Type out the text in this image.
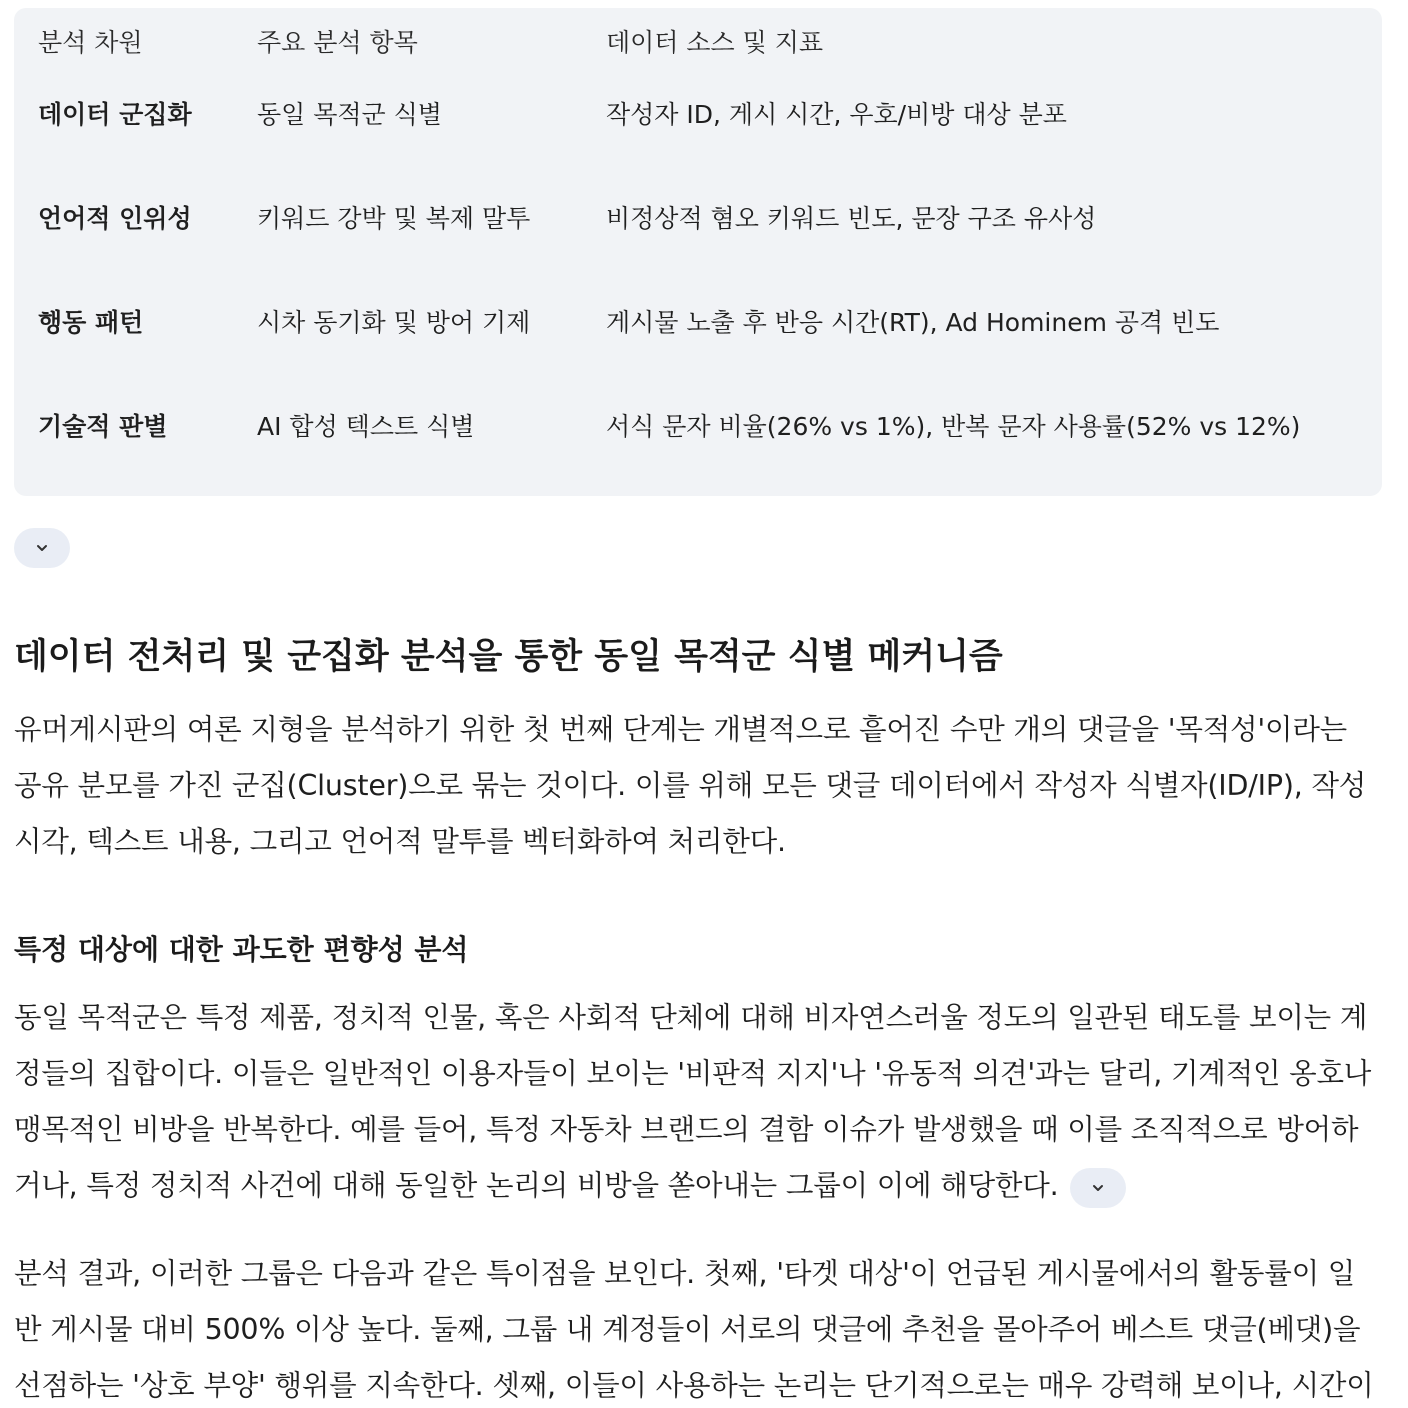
분석 차원	주요 분석 항목	데이터 소스 및 지표
데이터 군집화	동일 목적군 식별	작성자 ID, 게시 시간, 우호/비방 대상 분포
언어적 인위성	키워드 강박 및 복제 말투	비정상적 혐오 키워드 빈도, 문장 구조 유사성
행동 패턴	시차 동기화 및 방어 기제	게시물 노출 후 반응 시간(RT), Ad Hominem 공격 빈도
기술적 판별	AI 합성 텍스트 식별	서식 문자 비율(26% vs 1%), 반복 문자 사용률(52% vs 12%)
데이터 전처리 및 군집화 분석을 통한 동일 목적군 식별 메커니즘
유머게시판의 여론 지형을 분석하기 위한 첫 번째 단계는 개별적으로 흩어진 수만 개의 댓글을 '목적성'이라는
공유 분모를 가진 군집(Cluster)으로 묶는 것이다. 이를 위해 모든 댓글 데이터에서 작성자 식별자(ID/IP), 작성
시각, 텍스트 내용, 그리고 언어적 말투를 벡터화하여 처리한다.
특정 대상에 대한 과도한 편향성 분석
동일 목적군은 특정 제품, 정치적 인물, 혹은 사회적 단체에 대해 비자연스러울 정도의 일관된 태도를 보이는 계
정들의 집합이다. 이들은 일반적인 이용자들이 보이는 '비판적 지지'나 '유동적 의견'과는 달리, 기계적인 옹호나
맹목적인 비방을 반복한다. 예를 들어, 특정 자동차 브랜드의 결함 이슈가 발생했을 때 이를 조직적으로 방어하
거나, 특정 정치적 사건에 대해 동일한 논리의 비방을 쏟아내는 그룹이 이에 해당한다.
분석 결과, 이러한 그룹은 다음과 같은 특이점을 보인다. 첫째, '타겟 대상'이 언급된 게시물에서의 활동률이 일
반 게시물 대비 500% 이상 높다. 둘째, 그룹 내 계정들이 서로의 댓글에 추천을 몰아주어 베스트 댓글(베댓)을
선점하는 '상호 부양' 행위를 지속한다. 셋째, 이들이 사용하는 논리는 단기적으로는 매우 강력해 보이나, 시간이
